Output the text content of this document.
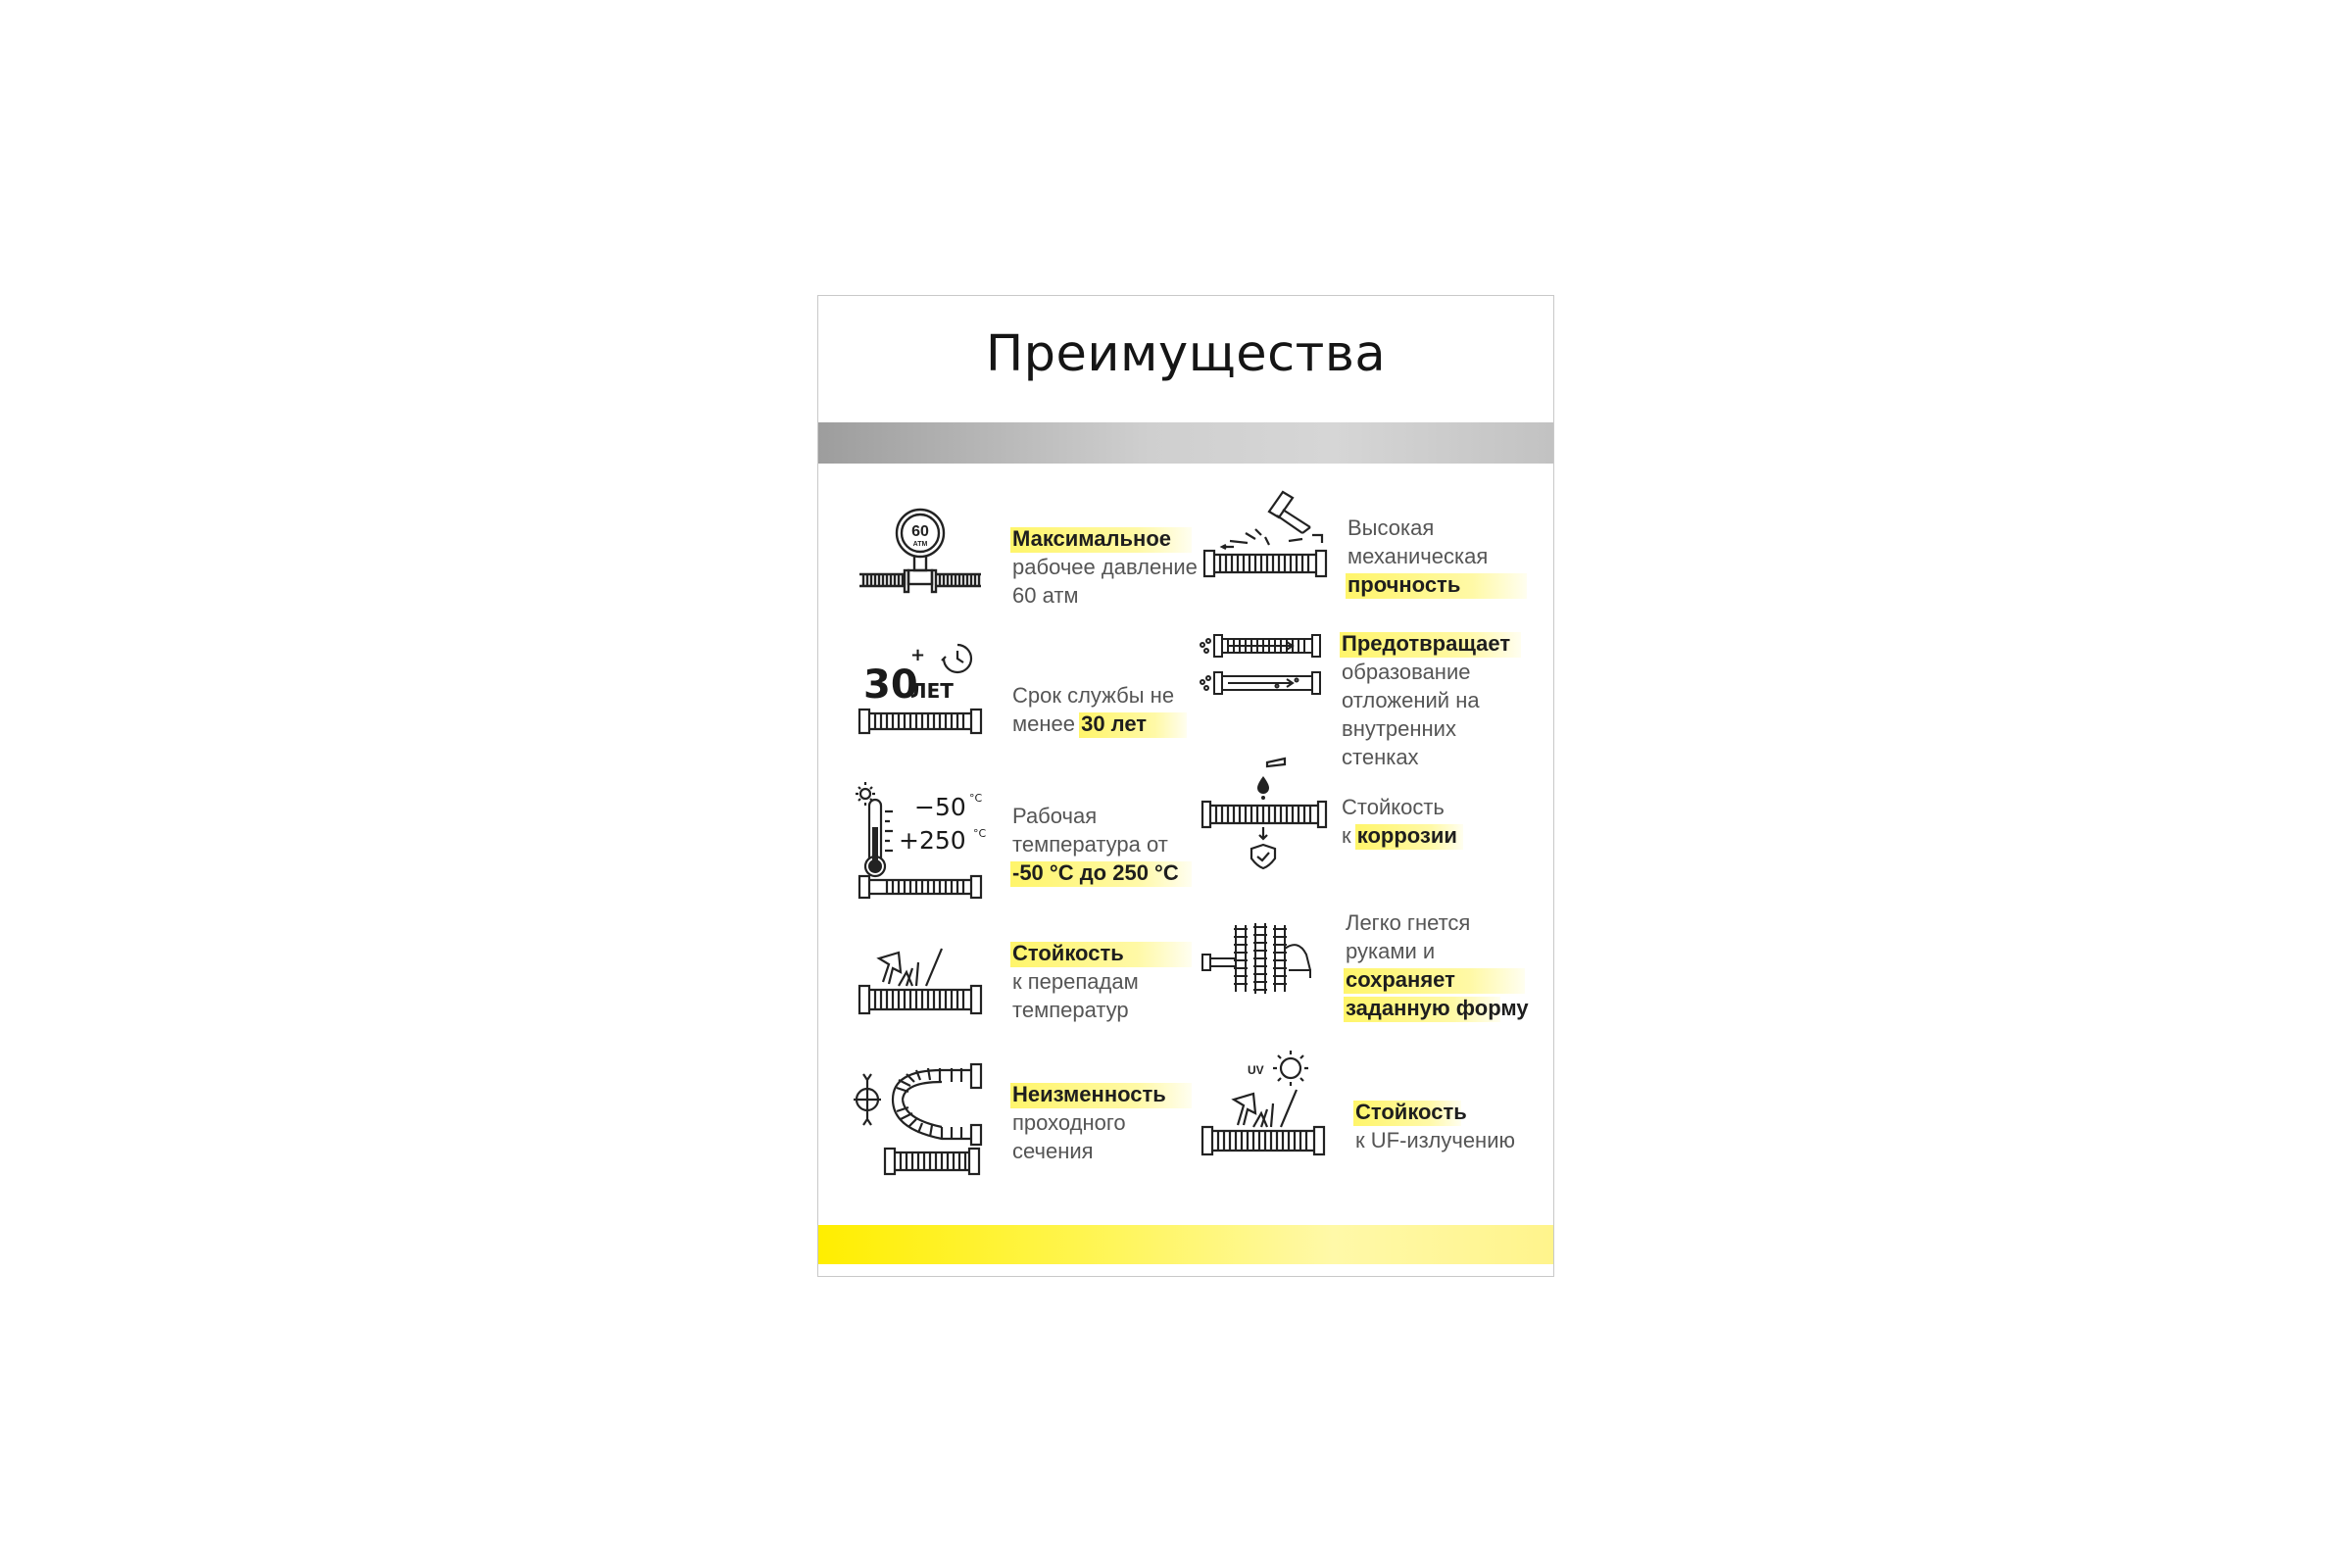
Преимущества
60
АТМ	Максимальное
рабочее давление
60 атм
30
+
ЛЕТ	Срок службы не
менее 30 лет
−50 °C
+250 °C
Рабочая
температура от
-50 °С до 250 °С
Стойкость
к перепадам
температур
Неизменность
проходного
сечения
Высокая
механическая
прочность
Предотвращает
образование
отложений на
внутренних
стенках
Стойкость
к коррозии
Легко гнется
руками и
сохраняет
заданную форму
UV
Стойкость
к UF-излучению
